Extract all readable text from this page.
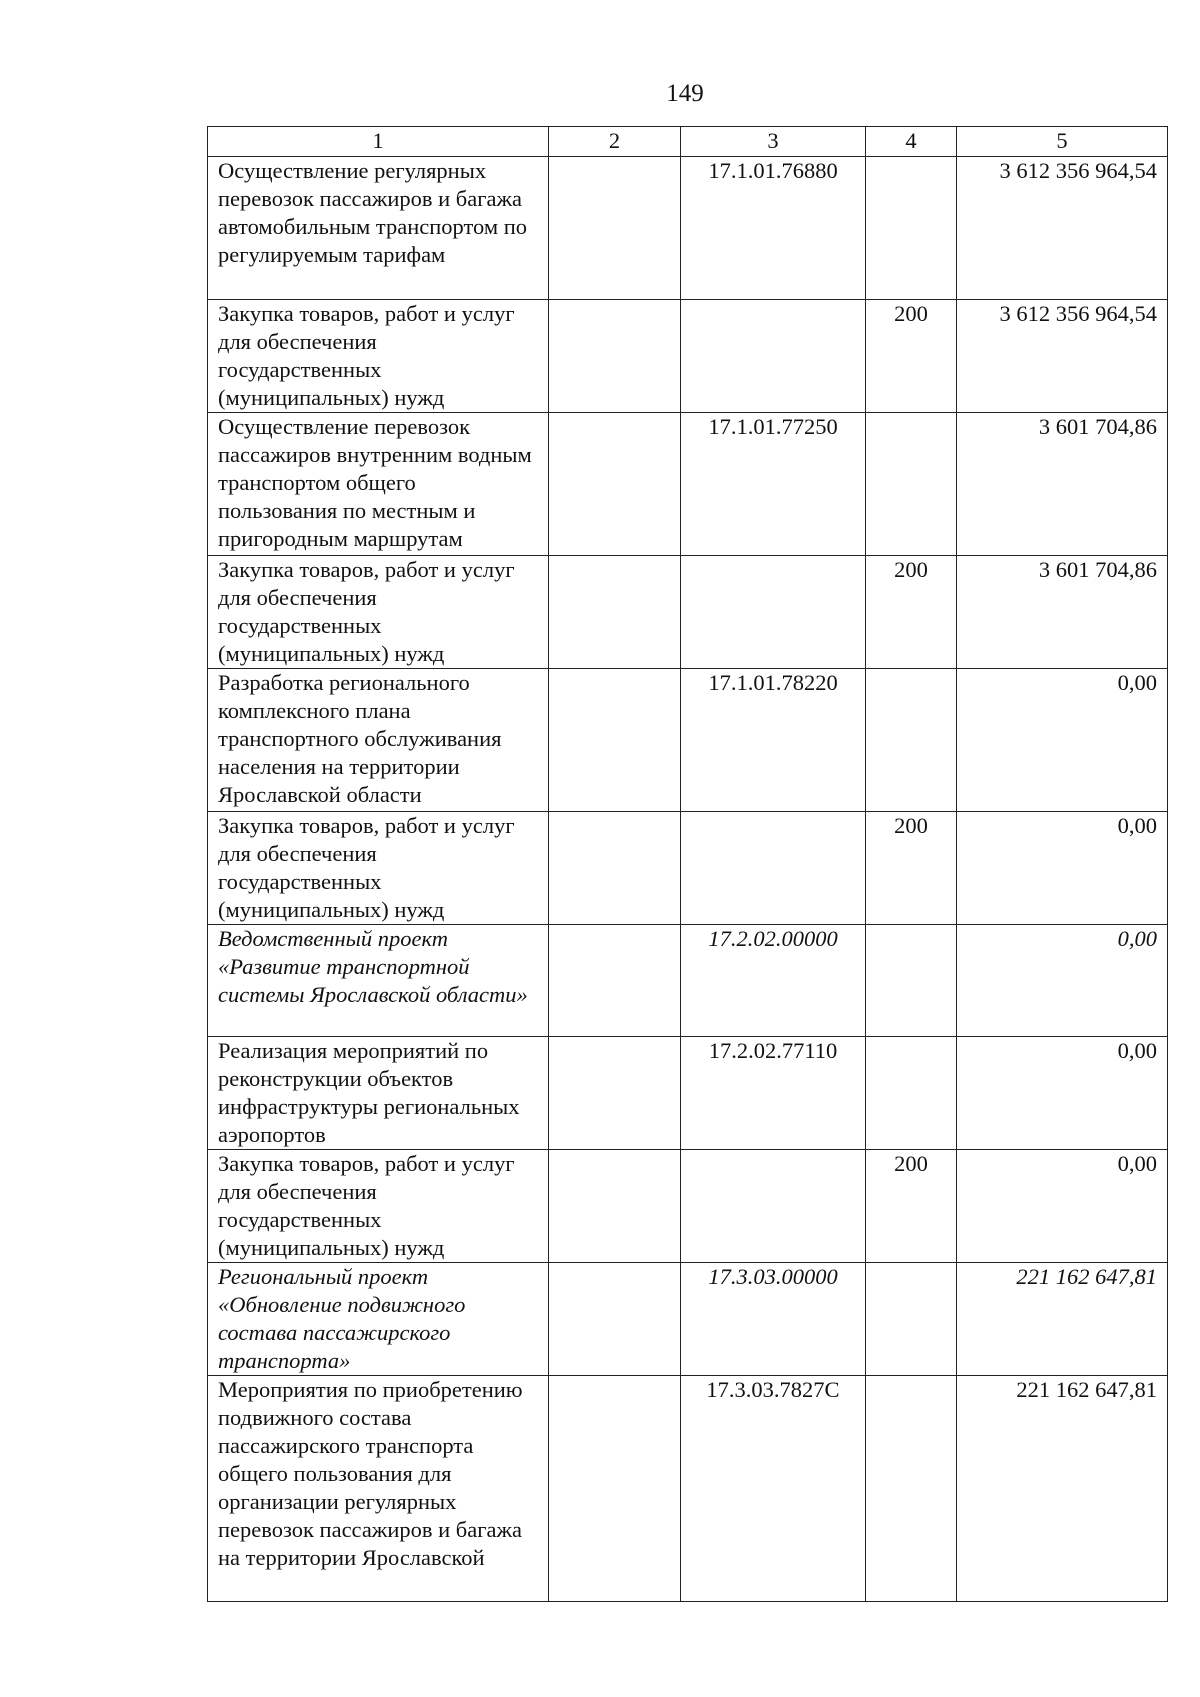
149
1	2	3	4	5
Осуществление регулярных перевозок пассажиров и багажа автомобильным транспортом по регулируемым тарифам		17.1.01.76880		3 612 356 964,54
Закупка товаров, работ и услуг для обеспечения государственных (муниципальных) нужд			200	3 612 356 964,54
Осуществление перевозок пассажиров внутренним водным транспортом общего пользования по местным и пригородным маршрутам		17.1.01.77250		3 601 704,86
Закупка товаров, работ и услуг для обеспечения государственных (муниципальных) нужд			200	3 601 704,86
Разработка регионального комплексного плана транспортного обслуживания населения на территории Ярославской области		17.1.01.78220		0,00
Закупка товаров, работ и услуг для обеспечения государственных (муниципальных) нужд			200	0,00
Ведомственный проект «Развитие транспортной системы Ярославской области»		17.2.02.00000		0,00
Реализация мероприятий по реконструкции объектов инфраструктуры региональных аэропортов		17.2.02.77110		0,00
Закупка товаров, работ и услуг для обеспечения государственных (муниципальных) нужд			200	0,00
Региональный проект «Обновление подвижного состава пассажирского транспорта»		17.3.03.00000		221 162 647,81
Мероприятия по приобретению подвижного состава пассажирского транспорта общего пользования для организации регулярных перевозок пассажиров и багажа на территории Ярославской		17.3.03.7827С		221 162 647,81
